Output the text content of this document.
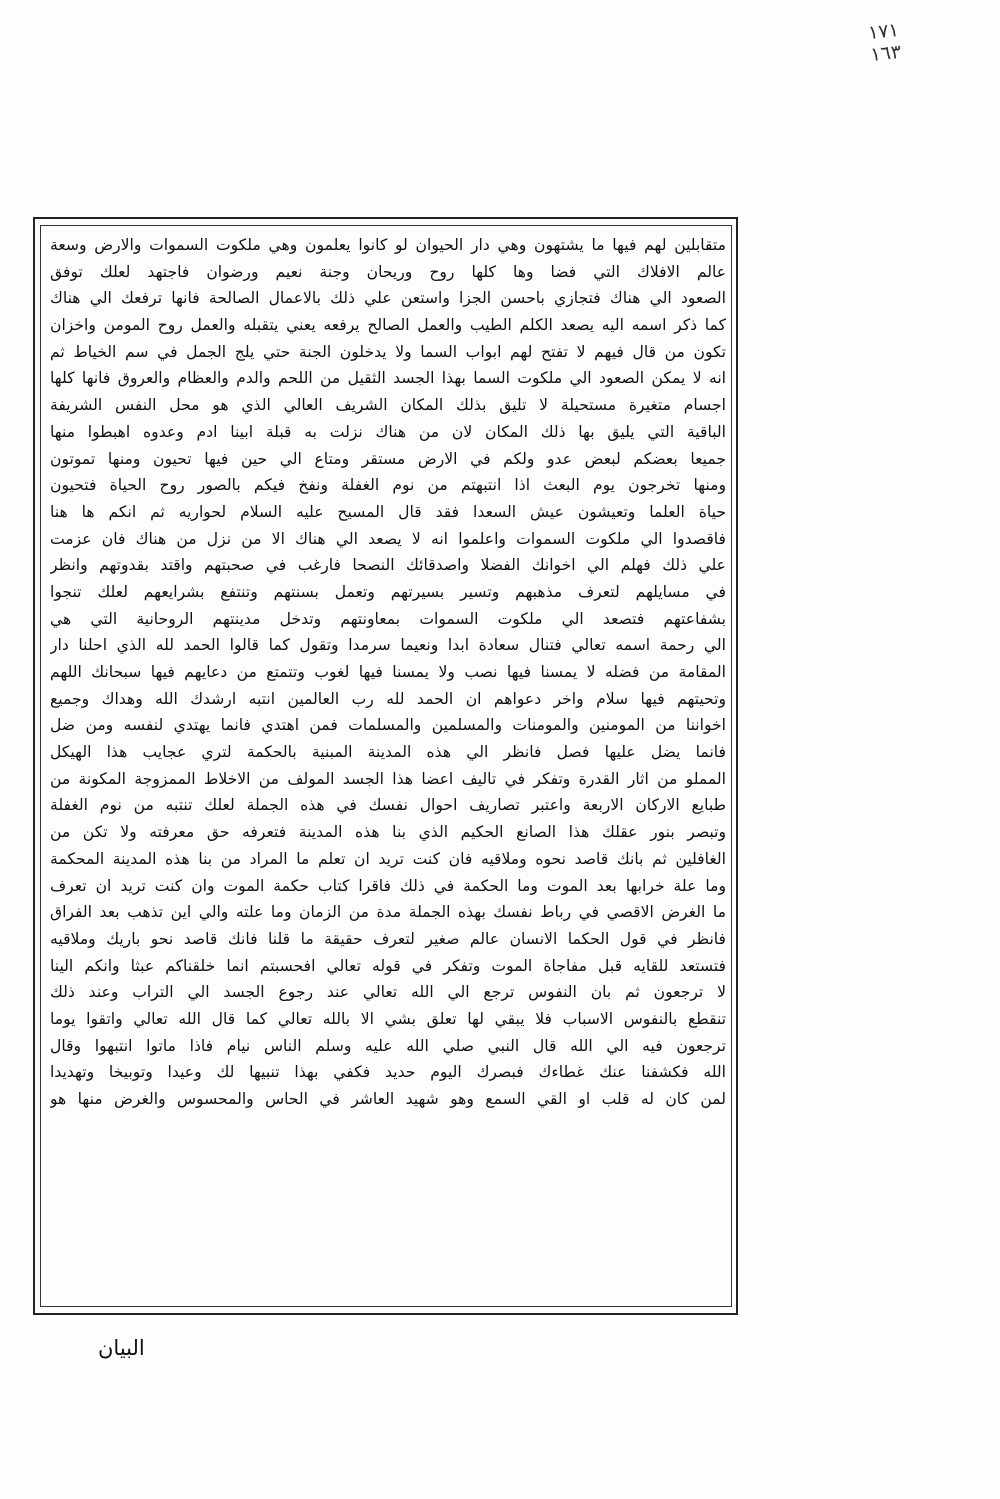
١٧١
١٦٣
متقابلين لهم فيها ما يشتهون وهي دار الحيوان لو كانوا يعلمون وهي ملكوت السموات والارض وسعة
عالم الافلاك التي فضا وها كلها روح وريحان وجنة نعيم ورضوان فاجتهد لعلك توفق
الصعود الي هناك فتجازي باحسن الجزا واستعن علي ذلك بالاعمال الصالحة فانها ترفعك الي هناك
كما ذكر اسمه اليه يصعد الكلم الطيب والعمل الصالح يرفعه يعني يتقبله والعمل روح المومن واخزان
تكون من قال فيهم لا تفتح لهم ابواب السما ولا يدخلون الجنة حتي يلج الجمل في سم الخياط ثم
انه لا يمكن الصعود الي ملكوت السما بهذا الجسد الثقيل من اللحم والدم والعظام والعروق فانها كلها
اجسام متغيرة مستحيلة لا تليق بذلك المكان الشريف العالي الذي هو محل النفس الشريفة
الباقية التي يليق بها ذلك المكان لان من هناك نزلت به قبلة ابينا ادم وعدوه اهبطوا منها
جميعا بعضكم لبعض عدو ولكم في الارض مستقر ومتاع الي حين فيها تحيون ومنها تموتون
ومنها تخرجون يوم البعث اذا انتبهتم من نوم الغفلة ونفخ فيكم بالصور روح الحياة فتحيون
حياة العلما وتعيشون عيش السعدا فقد قال المسيح عليه السلام لحواريه ثم انكم ها هنا
فاقصدوا الي ملكوت السموات واعلموا انه لا يصعد الي هناك الا من نزل من هناك فان عزمت
علي ذلك فهلم الي اخوانك الفضلا واصدقائك النصحا فارغب في صحبتهم واقتد بقدوتهم وانظر
في مسايلهم لتعرف مذهبهم وتسير بسيرتهم وتعمل بسنتهم وتنتفع بشرايعهم لعلك تنجوا
بشفاعتهم فتصعد الي ملكوت السموات بمعاونتهم وتدخل مدينتهم الروحانية التي هي
الي رحمة اسمه تعالي فتنال سعادة ابدا ونعيما سرمدا وتقول كما قالوا الحمد لله الذي احلنا دار
المقامة من فضله لا يمسنا فيها نصب ولا يمسنا فيها لغوب وتتمتع من دعايهم فيها سبحانك اللهم
وتحيتهم فيها سلام واخر دعواهم ان الحمد لله رب العالمين انتبه ارشدك الله وهداك وجميع
اخواننا من المومنين والمومنات والمسلمين والمسلمات فمن اهتدي فانما يهتدي لنفسه ومن ضل
فانما يضل عليها فصل فانظر الي هذه المدينة المبنية بالحكمة لتري عجايب هذا الهيكل
المملو من اثار القدرة وتفكر في تاليف اعضا هذا الجسد المولف من الاخلاط الممزوجة المكونة من
طبايع الاركان الاربعة واعتبر تصاريف احوال نفسك في هذه الجملة لعلك تنتبه من نوم الغفلة
وتبصر بنور عقلك هذا الصانع الحكيم الذي بنا هذه المدينة فتعرفه حق معرفته ولا تكن من
الغافلين ثم بانك قاصد نحوه وملاقيه فان كنت تريد ان تعلم ما المراد من بنا هذه المدينة المحكمة
وما علة خرابها بعد الموت وما الحكمة في ذلك فاقرا كتاب حكمة الموت وان كنت تريد ان تعرف
ما الغرض الاقصي في رباط نفسك بهذه الجملة مدة من الزمان وما علته والي اين تذهب بعد الفراق
فانظر في قول الحكما الانسان عالم صغير لتعرف حقيقة ما قلنا فانك قاصد نحو باريك وملاقيه
فتستعد للقايه قبل مفاجاة الموت وتفكر في قوله تعالي افحسبتم انما خلقناكم عبثا وانكم الينا
لا ترجعون ثم بان النفوس ترجع الي الله تعالي عند رجوع الجسد الي التراب وعند ذلك
تنقطع بالنفوس الاسباب فلا يبقي لها تعلق بشي الا بالله تعالي كما قال الله تعالي واتقوا يوما
ترجعون فيه الي الله قال النبي صلي الله عليه وسلم الناس نيام فاذا ماتوا انتبهوا وقال
الله فكشفنا عنك غطاءك فبصرك اليوم حديد فكفي بهذا تنبيها لك وعيدا وتوبيخا وتهديدا
لمن كان له قلب او القي السمع وهو شهيد العاشر في الحاس والمحسوس والغرض منها هو
البيان
